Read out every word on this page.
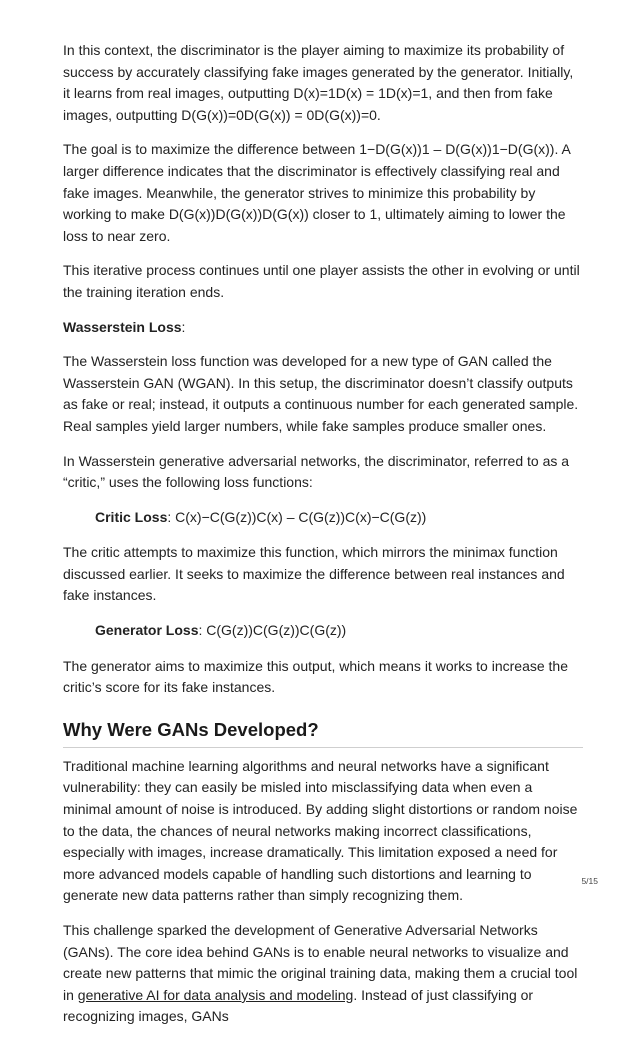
In this context, the discriminator is the player aiming to maximize its probability of success by accurately classifying fake images generated by the generator. Initially, it learns from real images, outputting D(x)=1D(x) = 1D(x)=1, and then from fake images, outputting D(G(x))=0D(G(x)) = 0D(G(x))=0.

The goal is to maximize the difference between 1−D(G(x))1 – D(G(x))1−D(G(x)). A larger difference indicates that the discriminator is effectively classifying real and fake images. Meanwhile, the generator strives to minimize this probability by working to make D(G(x))D(G(x))D(G(x)) closer to 1, ultimately aiming to lower the loss to near zero.

This iterative process continues until one player assists the other in evolving or until the training iteration ends.

Wasserstein Loss:

The Wasserstein loss function was developed for a new type of GAN called the Wasserstein GAN (WGAN). In this setup, the discriminator doesn’t classify outputs as fake or real; instead, it outputs a continuous number for each generated sample. Real samples yield larger numbers, while fake samples produce smaller ones.

In Wasserstein generative adversarial networks, the discriminator, referred to as a “critic,” uses the following loss functions:

Critic Loss: C(x)−C(G(z))C(x) – C(G(z))C(x)−C(G(z))

The critic attempts to maximize this function, which mirrors the minimax function discussed earlier. It seeks to maximize the difference between real instances and fake instances.

Generator Loss: C(G(z))C(G(z))C(G(z))

The generator aims to maximize this output, which means it works to increase the critic’s score for its fake instances.

Why Were GANs Developed?

Traditional machine learning algorithms and neural networks have a significant vulnerability: they can easily be misled into misclassifying data when even a minimal amount of noise is introduced. By adding slight distortions or random noise to the data, the chances of neural networks making incorrect classifications, especially with images, increase dramatically. This limitation exposed a need for more advanced models capable of handling such distortions and learning to generate new data patterns rather than simply recognizing them.

This challenge sparked the development of Generative Adversarial Networks (GANs). The core idea behind GANs is to enable neural networks to visualize and create new patterns that mimic the original training data, making them a crucial tool in generative AI for data analysis and modeling. Instead of just classifying or recognizing images, GANs

5/15
